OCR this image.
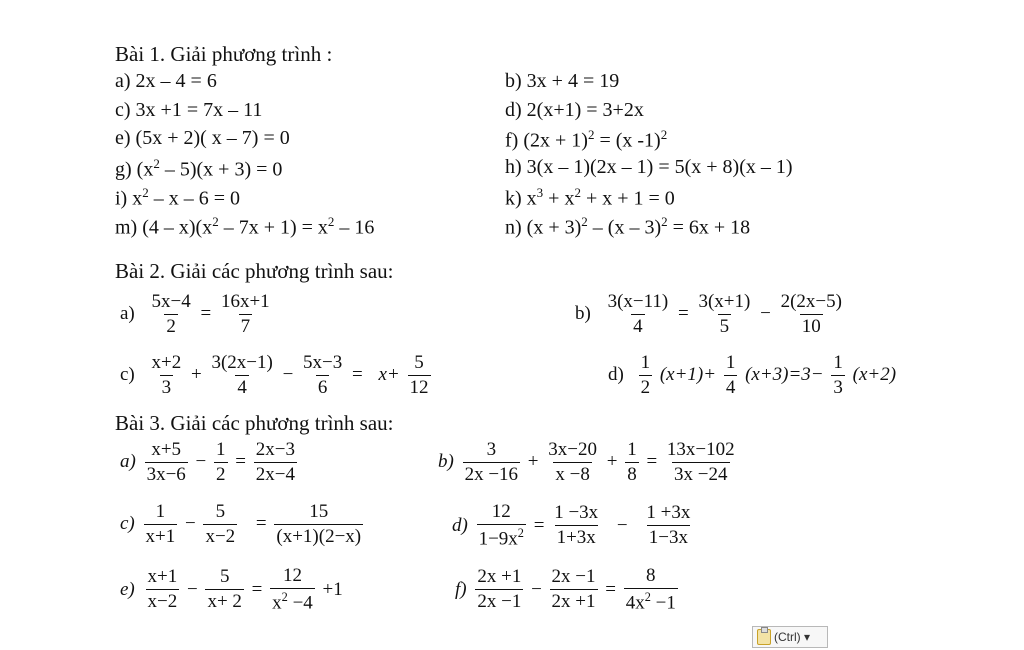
Bài 1. Giải phương trình :
a) 2x – 4 = 6	b) 3x + 4 = 19
c) 3x +1 = 7x – 11	d) 2(x+1) = 3+2x
e) (5x + 2)( x – 7) = 0	f) $(2x + 1)^2 = (x$ -1)$^2$
g) $(x^2 - 5)(x + 3) = 0$	h) 3(x – 1)(2x – 1) = 5(x + 8)(x – 1)
i) $x^2 - x - 6 = 0$	k) $x^3 + x^2 + x + 1 = 0$
m) $(4 - x)(x^2 - 7x + 1) = x^2 - 16$	n) $(x + 3)^2 - (x - 3)^2 = 6x + 18$
Bài 2. Giải các phương trình sau:
$a) \frac{5x-4}{2} = \frac{16x+1}{7}$	$b) \frac{3(x-11)}{4} = \frac{3(x+1)}{5} - \frac{2(2x-5)}{10}$
$c) \frac{x+2}{3} + \frac{3(2x-1)}{4} - \frac{5x-3}{6} = x+ \frac{5}{12}$	$d) \frac{1}{2} (x+1)+ \frac{1}{4} (x+3)=3- \frac{1}{3} (x+2)$
Bài 3. Giải các phương trình sau:
$a) \frac{x+5}{3x-6} - \frac{1}{2} = \frac{2x-3}{2x-4}$	$b) \frac{3}{2x -16} + \frac{3x-20}{x -8} + \frac{1}{8} = \frac{13x-102}{3x -24}$
$c) \frac{1}{x+1} - \frac{5}{x-2} = \frac{15}{(x+1)(2-x)}$	$d) \frac{12}{1-9x^2} = \frac{1 -3x}{1+3x} - \frac{1 +3x}{1-3x}$
$e) \frac{x+1}{x-2} - \frac{5}{x+ 2} = \frac{12}{x^2 -4} +1$	$f) \frac{2x +1}{2x -1} - \frac{2x -1}{2x +1} = \frac{8}{4x^2 -1}$
(Ctrl) ▾
